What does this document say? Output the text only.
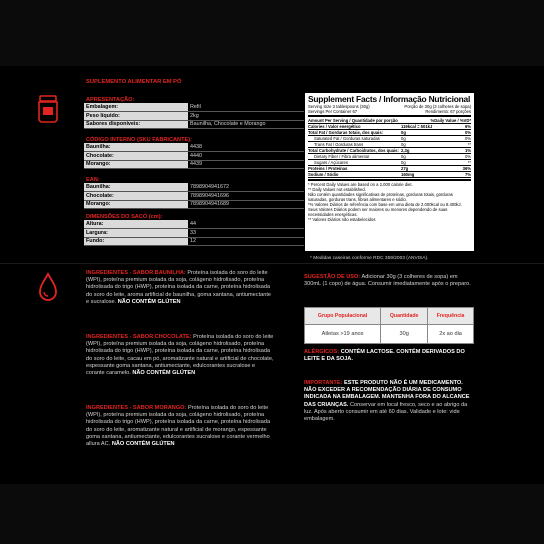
SUPLEMENTO ALIMENTAR EM PÓ
APRESENTAÇÃO:
Embalagem:	Refil
Peso líquido:	2kg
Sabores disponíveis:	Baunilha, Chocolate e Morango
CÓDIGO INTERNO (SKU FABRICANTE):
Baunilha:	4438
Chocolate:	4440
Morango:	4439
EAN:
Baunilha:	7898904941672
Chocolate:	7898904941696
Morango:	7898904941689
DIMENSÕES DO SACO (cm):
Altura:	44
Largura:	33
Fundo:	12
Supplement Facts / Informação Nutricional
Serving Size 3 tablespoons (30g)	Porção de 30g (3 colheres de sopa)
Servings Per Container 67	Rendimento: 67 porções
Amount Per Serving / Quantidade por porção	%Daily Value / %VD*
Calories / Valor energético	119kcal = 501kJ	6%
Total Fat / Gorduras totais, dos quais:	0g	0%
Saturated Fat / Gorduras saturadas	0g	0%
Trans Fat / Gorduras trans	0g	**
Total Carbohydrate / Carboidratos, dos quais: 2,3g	1%
Dietary Fiber / Fibra alimentar	0g	0%
Sugars / Açúcares	0g	**
Proteins / Proteínas	27g	36%
Sodium / Sódio	160mg	7%
* Percent Daily Values are based on a 2,000 calorie diet.
** Daily Values not established.
Não contém quantidades significativas de proteínas, gorduras totais, gorduras saturadas, gorduras trans, fibras alimentares e sódio.
*% Valores Diários de referência com base em uma dieta de 2.000kcal ou 8.400kJ. Seus Valores Diários podem ser maiores ou menores dependendo de suas necessidades energéticas.
** Valores Diários não estabelecidos
* Medidas caseiras conforme RDC 359/2003 (ANVISA).
INGREDIENTES - SABOR BAUNILHA: Proteína isolada do soro do leite (WPI), proteína premium isolada da soja, colágeno hidrolisado, proteína hidrolisada do trigo (HWP), proteína isolada da carne, proteína hidrolisada do soro do leite, aroma artificial de baunilha, goma xantana, antiumectante e sucralose. NÃO CONTÉM GLÚTEN
INGREDIENTES - SABOR CHOCOLATE: Proteína isolada do soro do leite (WPI), proteína premium isolada da soja, colágeno hidrolisado, proteína hidrolisada do trigo (HWP), proteína isolada da carne, proteína hidrolisada do soro do leite, cacau em pó, aromatizante natural e artificial de chocolate, espessante goma xantana, antiumectante, edulcorantes sucralose e corante caramelo. NÃO CONTÉM GLÚTEN
INGREDIENTES - SABOR MORANGO: Proteína isolada do soro do leite (WPI), proteína premium isolada da soja, colágeno hidrolisado, proteína hidrolisada do trigo (HWP), proteína isolada da carne, proteína hidrolisada do soro do leite, aromatizante natural e artificial de morango, espessante goma xantana, antiumectante, edulcorantes sucralose e corante vermelho allura AC. NÃO CONTÉM GLÚTEN
SUGESTÃO DE USO: Adicionar 30g (3 colheres de sopa) em 300mL (1 copo) de água. Consumir imediatamente após o preparo.
Grupo Populacional	Quantidade	Frequência
Atletas >19 anos	30g	2x ao dia
ALÉRGICOS: CONTÉM LACTOSE. CONTÉM DERIVADOS DO LEITE E DA SOJA.
IMPORTANTE: ESTE PRODUTO NÃO É UM MEDICAMENTO. NÃO EXCEDER A RECOMENDAÇÃO DIÁRIA DE CONSUMO INDICADA NA EMBALAGEM. MANTENHA FORA DO ALCANCE DAS CRIANÇAS. Conservar em local fresco, seco e ao abrigo da luz. Após aberto consumir em até 60 dias. Validade e lote: vide embalagem.
